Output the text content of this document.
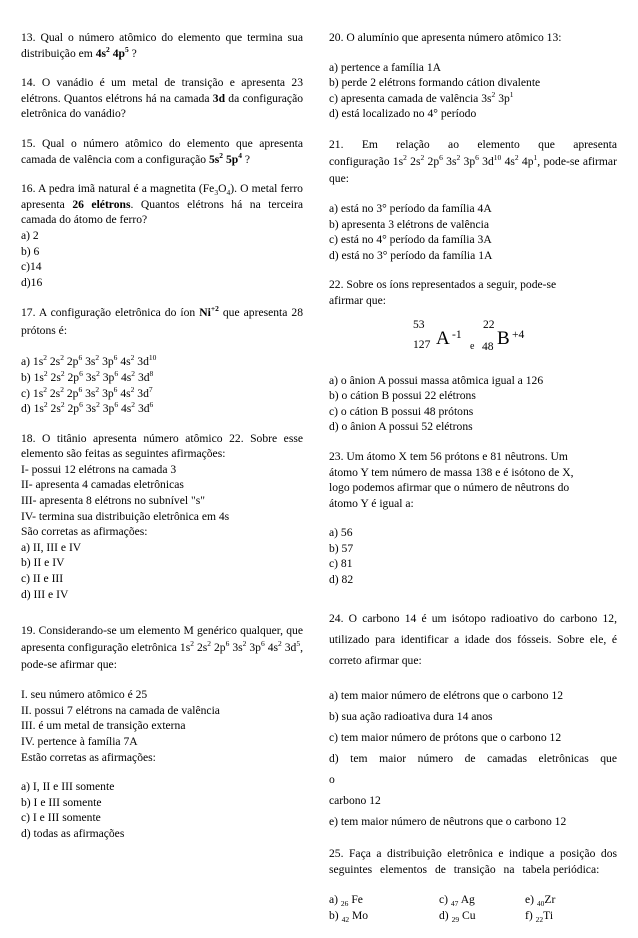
13. Qual o número atômico do elemento que termina sua distribuição em $4s^2$ $4p^5$ ?
14. O vanádio é um metal de transição e apresenta 23 elétrons. Quantos elétrons há na camada 3d da configuração eletrônica do vanádio?
15. Qual o número atômico do elemento que apresenta camada de valência com a configuração $5s^2$ $5p^4$ ?

16. A pedra imã natural é a magnetita $(Fe_3O_4)$. O metal ferro apresenta 26 elétrons. Quantos elétrons há na terceira camada do átomo de ferro?

a) 2

b) 6

c)14

d)16

17. A configuração eletrônica do íon $Ni^{+2}$ que apresenta 28 prótons é:

a) $1s^2$ $2s^2$ $2p^6$ $3s^2$ $3p^6$ $4s^2$ $3d^{10}$

b) $1s^2$ $2s^2$ $2p^6$ $3s^2$ $3p^6$ $4s^2$ $3d^8$

c) $1s^2$ $2s^2$ $2p^6$ $3s^2$ $3p^6$ $4s^2$ $3d^7$

d) $1s^2$ $2s^2$ $2p^6$ $3s^2$ $3p^6$ $4s^2$ $3d^6$

18. O titânio apresenta número atômico 22. Sobre esse elemento são feitas as seguintes afirmações:

I- possui 12 elétrons na camada 3

II- apresenta 4 camadas eletrônicas

III- apresenta 8 elétrons no subnível "s"

IV- termina sua distribuição eletrônica em 4s

São corretas as afirmações:

a) II, III e IV

b) II e IV

c) II e III

d) III e IV

19. Considerando-se um elemento M genérico qualquer, que apresenta configuração eletrônica $1s^2$ $2s^2$ $2p^6$ $3s^2$ $3p^6$ $4s^2$ $3d^5$, pode-se afirmar que:

I. seu número atômico é 25

II. possui 7 elétrons na camada de valência

III. é um metal de transição externa

IV. pertence à família 7A

Estão corretas as afirmações:

a) I, II e III somente

b) I e III somente

c) I e III somente

d) todas as afirmações

20. O alumínio que apresenta número atômico 13:

a) pertence a família 1A

b) perde 2 elétrons formando cátion divalente

c) apresenta camada de valência $3s^2$ $3p^1$

d) está localizado no 4° período

21. Em relação ao elemento que apresenta configuração $1s^2$ $2s^2$ $2p^6$ $3s^2$ $3p^6$ $3d^{10}$ $4s^2$ $4p^1$, pode-se afirmar que:

a) está no 3° período da família 4A

b) apresenta 3 elétrons de valência

c) está no 4° período da família 3A

d) está no 3° período da família 1A

22. Sobre os íons representados a seguir, pode-se

afirmar que:

53
127 A -1
e
22
48 B +4

a) o ânion A possui massa atômica igual a 126

b) o cátion B possui 22 elétrons

c) o cátion B possui 48 prótons

d) o ânion A possui 52 elétrons

23. Um átomo X tem 56 prótons e 81 nêutrons. Um

átomo Y tem número de massa 138 e é isótono de X,

logo podemos afirmar que o número de nêutrons do

átomo Y é igual a:

a) 56

b) 57

c) 81

d) 82

24. O carbono 14 é um isótopo radioativo do carbono 12, utilizado para identificar a idade dos fósseis. Sobre ele, é correto afirmar que:

a) tem maior número de elétrons que o carbono 12

b) sua ação radioativa dura 14 anos

c) tem maior número de prótons que o carbono 12

d) tem maior número de camadas eletrônicas que o

carbono 12

e) tem maior número de nêutrons que o carbono 12

25. Faça a distribuição eletrônica e indique a posição dos seguintes elementos de transição na tabela periódica:

a) $_{26}$ Fe	c) $_{47}$ Ag	e) $_{40}$Zr
b) $_{42}$ Mo	d) $_{29}$ Cu	f) $_{22}$Ti
